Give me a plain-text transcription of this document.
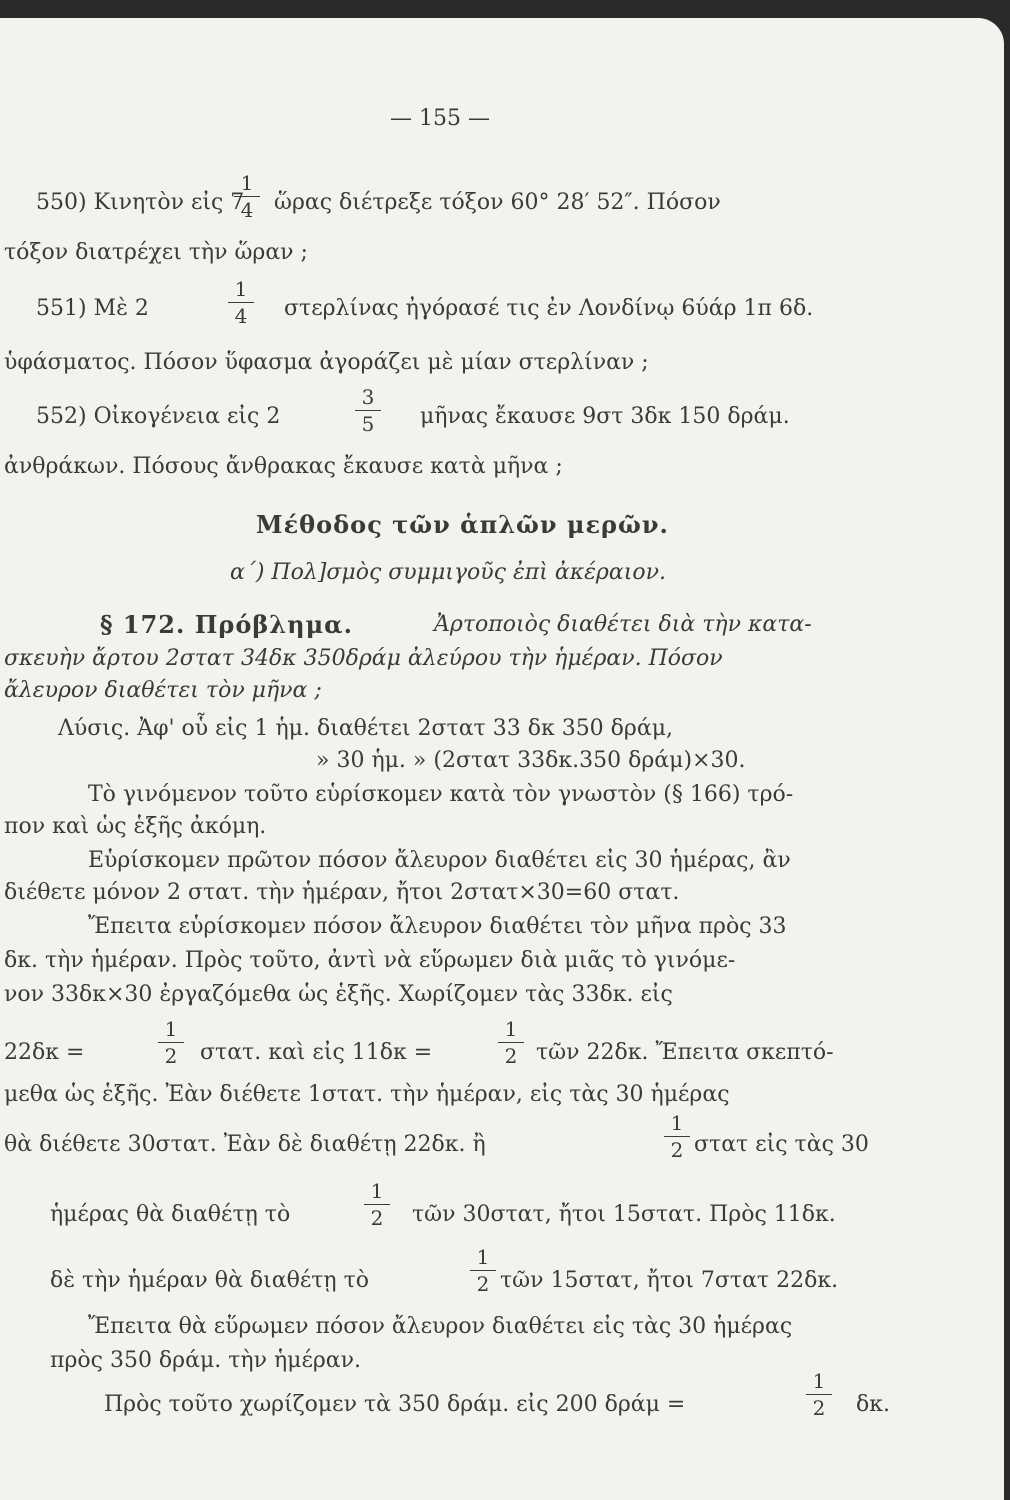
— 155 —
550) Κινητὸν εἰς 7
1
4 ὥρας διέτρεξε τόξον 60° 28′ 52″. Πόσον
τόξον διατρέχει τὴν ὥραν ;
551) Μὲ 2
1
4	στερλίνας ἠγόρασέ τις ἐν Λονδίνῳ 6ύάρ 1π 6δ.
ὑφάσματος. Πόσον ὕφασμα ἀγοράζει μὲ μίαν στερλίναν ;
552) Οἰκογένεια εἰς 2
3
5	μῆνας ἔκαυσε 9στ 3δκ 150 δράμ.
ἀνθράκων. Πόσους ἄνθρακας ἔκαυσε κατὰ μῆνα ;
Μέθοδος τῶν ἁπλῶν μερῶν.
α΄) Πολ]σμὸς συμμιγοῦς ἐπὶ ἀκέραιον.
§ 172. Πρόβλημα.	Ἀρτοποιὸς διαθέτει διὰ τὴν κατα-
σκευὴν ἄρτου 2στατ 34δκ 350δράμ ἀλεύρου τὴν ἡμέραν. Πόσον
ἄλευρον διαθέτει τὸν μῆνα ;
Λύσις. Ἀφ' οὗ εἰς 1 ἡμ. διαθέτει 2στατ 33 δκ 350 δράμ,
» 30 ἡμ. » (2στατ 33δκ.350 δράμ)×30.
Τὸ γινόμενον τοῦτο εὑρίσκομεν κατὰ τὸν γνωστὸν (§ 166) τρό-
πον καὶ ὡς ἑξῆς ἀκόμη.
Εὑρίσκομεν πρῶτον πόσον ἄλευρον διαθέτει εἰς 30 ἡμέρας, ἂν
διέθετε μόνον 2 στατ. τὴν ἡμέραν, ἤτοι 2στατ×30=60 στατ.
Ἔπειτα εὑρίσκομεν πόσον ἄλευρον διαθέτει τὸν μῆνα πρὸς 33
δκ. τὴν ἡμέραν. Πρὸς τοῦτο, ἀντὶ νὰ εὕρωμεν διὰ μιᾶς τὸ γινόμε-
νον 33δκ×30 ἐργαζόμεθα ὡς ἑξῆς. Χωρίζομεν τὰς 33δκ. εἰς
22δκ =
1
2	στατ. καὶ εἰς 11δκ =
1
2 τῶν 22δκ. Ἔπειτα σκεπτό-
μεθα ὡς ἑξῆς. Ἐὰν διέθετε 1στατ. τὴν ἡμέραν, εἰς τὰς 30 ἡμέρας
θὰ διέθετε 30στατ. Ἐὰν δὲ διαθέτῃ 22δκ. ἢ
1
2 στατ εἰς τὰς 30
ἡμέρας θὰ διαθέτῃ τὸ
1
2	τῶν 30στατ, ἤτοι 15στατ. Πρὸς 11δκ.
δὲ τὴν ἡμέραν θὰ διαθέτῃ τὸ
1
2 τῶν 15στατ, ἤτοι 7στατ 22δκ.
Ἔπειτα θὰ εὕρωμεν πόσον ἄλευρον διαθέτει εἰς τὰς 30 ἡμέρας
πρὸς 350 δράμ. τὴν ἡμέραν.
Πρὸς τοῦτο χωρίζομεν τὰ 350 δράμ. εἰς 200 δράμ =
1
2	δκ.
